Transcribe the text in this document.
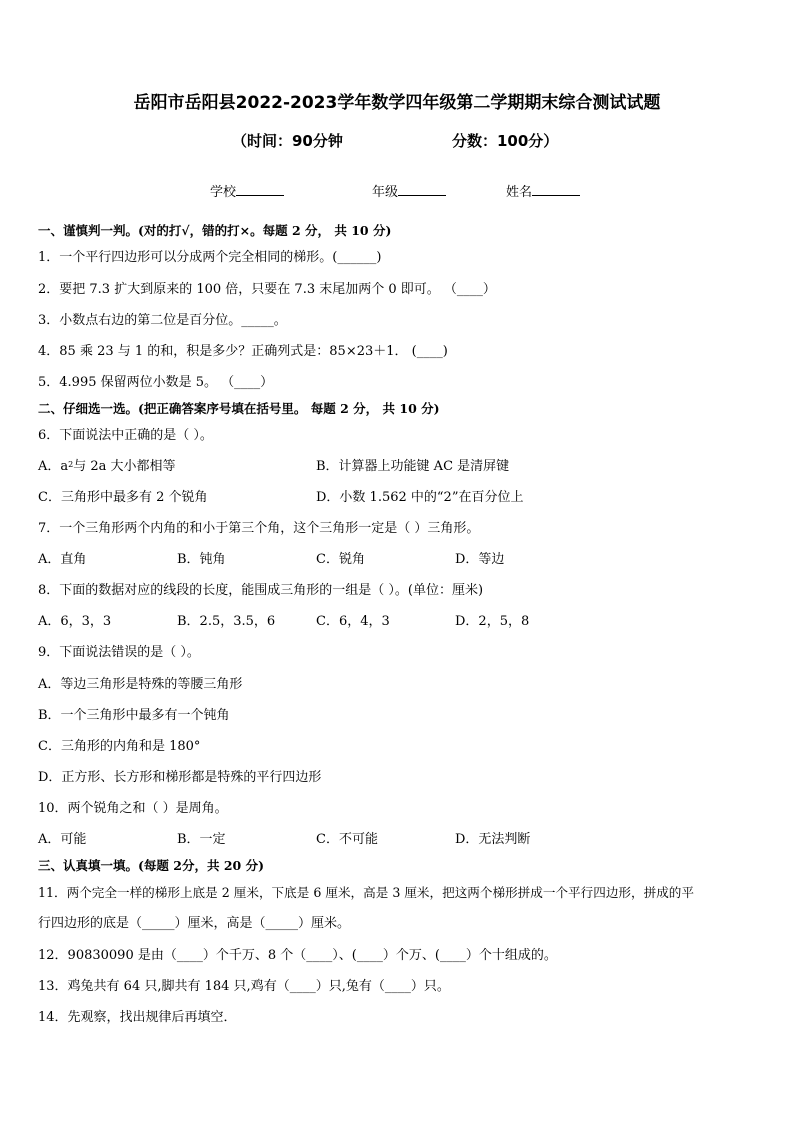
岳阳市岳阳县2022-2023学年数学四年级第二学期期末综合测试试题
（时间：90分钟	分数：100分）
学校	年级	姓名
一、谨慎判一判。(对的打√，错的打×。每题 2 分， 共 10 分)
1．一个平行四边形可以分成两个完全相同的梯形。(______)
2．要把 7.3 扩大到原来的 100 倍，只要在 7.3 末尾加两个 0 即可。 （____）
3．小数点右边的第二位是百分位。_____。
4．85 乘 23 与 1 的和，积是多少？正确列式是：85×23＋1． (____)
5．4.995 保留两位小数是 5。 （____）
二、仔细选一选。(把正确答案序号填在括号里。 每题 2 分， 共 10 分)
6．下面说法中正确的是（ ）。
A．$a^2$与 2a 大小都相等	B．计算器上功能键 AC 是清屏键
C．三角形中最多有 2 个锐角	D．小数 1.562 中的“2”在百分位上
7．一个三角形两个内角的和小于第三个角，这个三角形一定是（ ）三角形。
A．直角	B．钝角	C．锐角	D．等边
8．下面的数据对应的线段的长度，能围成三角形的一组是（ ）。(单位：厘米)
A．6，3，3	B．2.5，3.5，6	C．6，4，3	D．2，5，8
9．下面说法错误的是（ ）。
A．等边三角形是特殊的等腰三角形
B．一个三角形中最多有一个钝角
C．三角形的内角和是 180°
D．正方形、长方形和梯形都是特殊的平行四边形
10．两个锐角之和（ ）是周角。
A．可能	B．一定	C．不可能	D．无法判断
三、认真填一填。(每题 2分，共 20 分)
11．两个完全一样的梯形上底是 2 厘米，下底是 6 厘米，高是 3 厘米，把这两个梯形拼成一个平行四边形，拼成的平
行四边形的底是（_____）厘米，高是（_____）厘米。
12．90830090 是由（____）个千万、8 个（____）、(____）个万、(____）个十组成的。
13．鸡兔共有 64 只,脚共有 184 只,鸡有（____）只,兔有（____）只。
14．先观察，找出规律后再填空．
